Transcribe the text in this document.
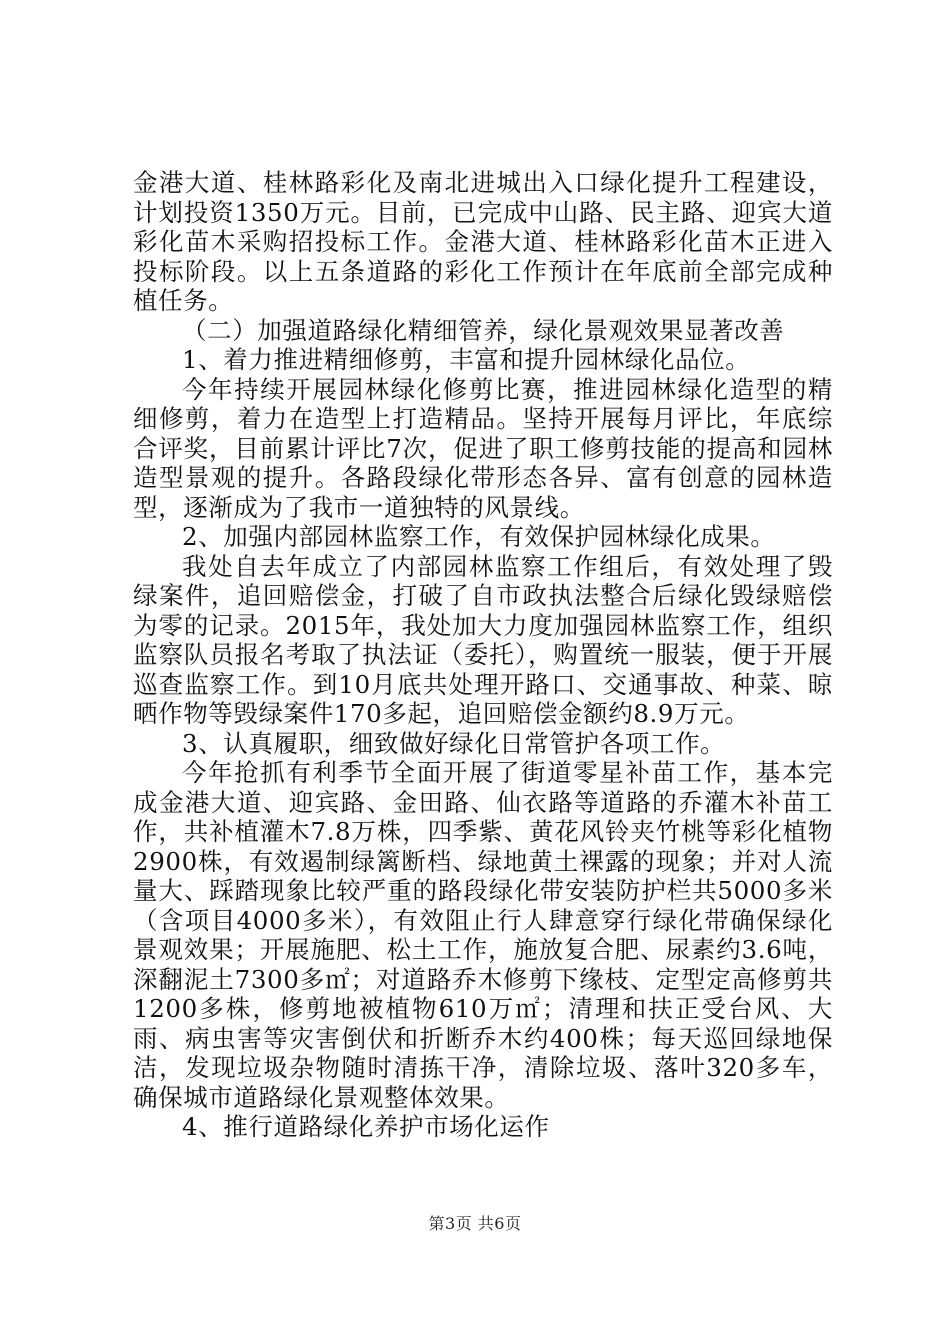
金港大道、桂林路彩化及南北进城出入口绿化提升工程建设，计划投资1350万元。目前，已完成中山路、民主路、迎宾大道彩化苗木采购招投标工作。金港大道、桂林路彩化苗木正进入投标阶段。以上五条道路的彩化工作预计在年底前全部完成种植任务。

（二）加强道路绿化精细管养，绿化景观效果显著改善

1、着力推进精细修剪，丰富和提升园林绿化品位。

今年持续开展园林绿化修剪比赛，推进园林绿化造型的精细修剪，着力在造型上打造精品。坚持开展每月评比，年底综合评奖，目前累计评比7次，促进了职工修剪技能的提高和园林造型景观的提升。各路段绿化带形态各异、富有创意的园林造型，逐渐成为了我市一道独特的风景线。

2、加强内部园林监察工作，有效保护园林绿化成果。

我处自去年成立了内部园林监察工作组后，有效处理了毁绿案件，追回赔偿金，打破了自市政执法整合后绿化毁绿赔偿为零的记录。2015年，我处加大力度加强园林监察工作，组织监察队员报名考取了执法证（委托），购置统一服装，便于开展巡查监察工作。到10月底共处理开路口、交通事故、种菜、晾晒作物等毁绿案件170多起，追回赔偿金额约8.9万元。

3、认真履职，细致做好绿化日常管护各项工作。

今年抢抓有利季节全面开展了街道零星补苗工作，基本完成金港大道、迎宾路、金田路、仙衣路等道路的乔灌木补苗工作，共补植灌木7.8万株，四季紫、黄花风铃夹竹桃等彩化植物2900株，有效遏制绿篱断档、绿地黄土裸露的现象；并对人流量大、踩踏现象比较严重的路段绿化带安装防护栏共5000多米（含项目4000多米），有效阻止行人肆意穿行绿化带确保绿化景观效果；开展施肥、松土工作，施放复合肥、尿素约3.6吨，深翻泥土7300多㎡；对道路乔木修剪下缘枝、定型定高修剪共1200多株，修剪地被植物610万㎡；清理和扶正受台风、大雨、病虫害等灾害倒伏和折断乔木约400株；每天巡回绿地保洁，发现垃圾杂物随时清拣干净，清除垃圾、落叶320多车，确保城市道路绿化景观整体效果。

4、推行道路绿化养护市场化运作

第3页 共6页
